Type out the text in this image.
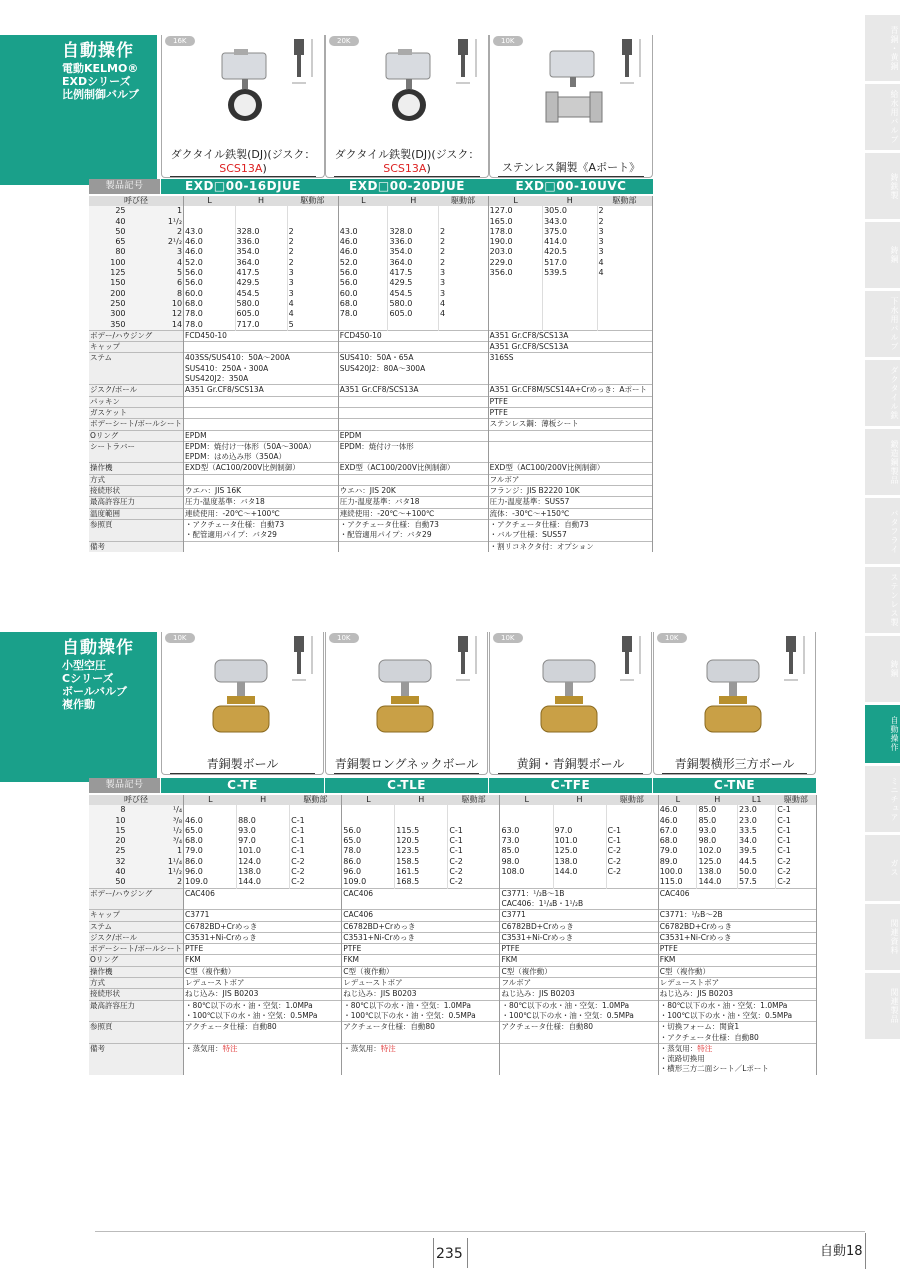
自動操作
電動KELMO®
EXDシリーズ
比例制御バルブ
16K
ダクタイル鉄製(DJ)(ジスク：SCS13A)
20K
ダクタイル鉄製(DJ)(ジスク：SCS13A)
10K
ステンレス鋼製《Aポート》
呼び径		L	H	駆動部	L	H	駆動部	L	H	駆動部
25	1							127.0	305.0	2
40	1¹/₂							165.0	343.0	2
50	2	43.0	328.0	2	43.0	328.0	2	178.0	375.0	3
65	2¹/₂	46.0	336.0	2	46.0	336.0	2	190.0	414.0	3
80	3	46.0	354.0	2	46.0	354.0	2	203.0	420.5	3
100	4	52.0	364.0	2	52.0	364.0	2	229.0	517.0	4
125	5	56.0	417.5	3	56.0	417.5	3	356.0	539.5	4
150	6	56.0	429.5	3	56.0	429.5	3			
200	8	60.0	454.5	3	60.0	454.5	3			
250	10	68.0	580.0	4	68.0	580.0	4			
300	12	78.0	605.0	4	78.0	605.0	4			
350	14	78.0	717.0	5						
ボデー/ハウジング		FCD450-10			FCD450-10			A351 Gr.CF8/SCS13A		
キャップ								A351 Gr.CF8/SCS13A		
ステム		403SS/SUS410：50A～200A			SUS410：50A・65A			316SS		
		SUS410：250A・300A			SUS420J2：80A～300A					
		SUS420J2：350A								
ジスク/ボール		A351 Gr.CF8/SCS13A			A351 Gr.CF8/SCS13A			A351 Gr.CF8M/SCS14A+Crめっき：Aポート		
パッキン								PTFE		
ガスケット								PTFE		
ボデーシート/ボールシート								ステンレス鋼：薄板シート		
Oリング		EPDM			EPDM					
シートラバー		EPDM：焼付け一体形（50A～300A）			EPDM：焼付け一体形					
		EPDM：はめ込み形（350A）								
操作機		EXD型（AC100/200V比例制御）			EXD型（AC100/200V比例制御）			EXD型（AC100/200V比例制御）		
方式								フルボア		
接続形状		ウエハ：JIS 16K			ウエハ：JIS 20K			フランジ：JIS B2220 10K		
最高許容圧力		圧力-温度基準：バタ18			圧力-温度基準：バタ18			圧力-温度基準：SUS57		
温度範囲		連続使用：-20℃～+100℃			連続使用：-20℃～+100℃			流体：-30℃～+150℃		
参照頁		・アクチェータ仕様：自動73			・アクチェータ仕様：自動73			・アクチェータ仕様：自動73		
		・配管適用パイプ：バタ29			・配管適用パイプ：バタ29			・バルブ仕様：SUS57		
備考								・割リコネクタ付：オプション		
自動操作
小型空圧
Cシリーズ
ボールバルブ
複作動
10K
青銅製ボール
10K
青銅製ロングネックボール
10K
黄銅・青銅製ボール
10K
青銅製横形三方ボール
呼び径		L	H	駆動部	L	H	駆動部	L	H	駆動部	L	H	L1	駆動部
8	¹/₄										46.0	85.0	23.0	C-1
10	³/₈	46.0	88.0	C-1							46.0	85.0	23.0	C-1
15	¹/₂	65.0	93.0	C-1	56.0	115.5	C-1	63.0	97.0	C-1	67.0	93.0	33.5	C-1
20	³/₄	68.0	97.0	C-1	65.0	120.5	C-1	73.0	101.0	C-1	68.0	98.0	34.0	C-1
25	1	79.0	101.0	C-1	78.0	123.5	C-1	85.0	125.0	C-2	79.0	102.0	39.5	C-1
32	1¹/₄	86.0	124.0	C-2	86.0	158.5	C-2	98.0	138.0	C-2	89.0	125.0	44.5	C-2
40	1¹/₂	96.0	138.0	C-2	96.0	161.5	C-2	108.0	144.0	C-2	100.0	138.0	50.0	C-2
50	2	109.0	144.0	C-2	109.0	168.5	C-2				115.0	144.0	57.5	C-2
ボデー/ハウジング		CAC406			CAC406			C3771：¹/₂B～1B			CAC406			
								CAC406：1¹/₄B・1¹/₂B						
キャップ		C3771			CAC406			C3771			C3771：¹/₂B～2B			
ステム		C6782BD+Crめっき			C6782BD+Crめっき			C6782BD+Crめっき			C6782BD+Crめっき			
ジスク/ボール		C3531+Ni-Crめっき			C3531+Ni-Crめっき			C3531+Ni-Crめっき			C3531+Ni-Crめっき			
ボデーシート/ボールシート		PTFE			PTFE			PTFE			PTFE			
Oリング		FKM			FKM			FKM			FKM			
操作機		C型（複作動）			C型（複作動）			C型（複作動）			C型（複作動）			
方式		レデューストボア			レデューストボア			フルボア			レデューストボア			
接続形状		ねじ込み：JIS B0203			ねじ込み：JIS B0203			ねじ込み：JIS B0203			ねじ込み：JIS B0203			
最高許容圧力		・80℃以下の水・油・空気：1.0MPa			・80℃以下の水・油・空気：1.0MPa			・80℃以下の水・油・空気：1.0MPa			・80℃以下の水・油・空気：1.0MPa			
		・100℃以下の水・油・空気：0.5MPa			・100℃以下の水・油・空気：0.5MPa			・100℃以下の水・油・空気：0.5MPa			・100℃以下の水・油・空気：0.5MPa			
参照頁		アクチェータ仕様：自動80			アクチェータ仕様：自動80			アクチェータ仕様：自動80			・切換フォーム：関資1			
											・アクチェータ仕様：自動80			
備考		・蒸気用：特注			・蒸気用：特注						・蒸気用：特注			
											・流路切換用			
											・横形三方二面シート／Lポート			
青銅・黄銅
給水用バルブ
鋳鉄製
鋳鋼
下水用バルブ
ダクタイル鉄
鍛造鋼製品
バタフライ
ステンレス製
鋳鋼
自動操作
ミニチュア
ガス
関連資料
関連製品
235	自動18
EXD□00-16DJUE	EXD□00-20DJUE	EXD□00-10UVC
製品記号
C-TE	C-TLE	C-TFE	C-TNE
製品記号
